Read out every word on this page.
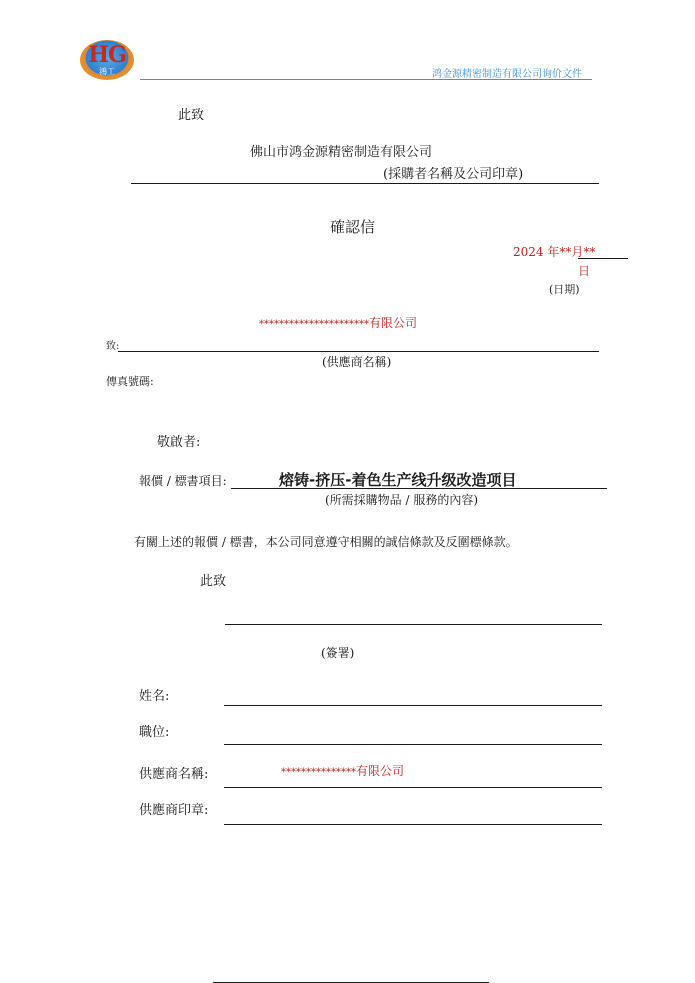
HG
鴻工	鸿金源精密制造有限公司询价文件
此致
佛山市鸿金源精密制造有限公司
(採購者名稱及公司印章)
確認信
2024 年**月**
日
(日期)
**********************有限公司
致:
(供應商名稱)
傳真號碼:
敬啟者:
報價 / 標書項目:	熔铸-挤压-着色生产线升级改造项目
(所需採購物品 / 服務的內容)
有關上述的報價 / 標書，本公司同意遵守相關的誠信條款及反圍標條款。
此致
(簽署)
姓名:
職位:
供應商名稱:	***************有限公司
供應商印章:
